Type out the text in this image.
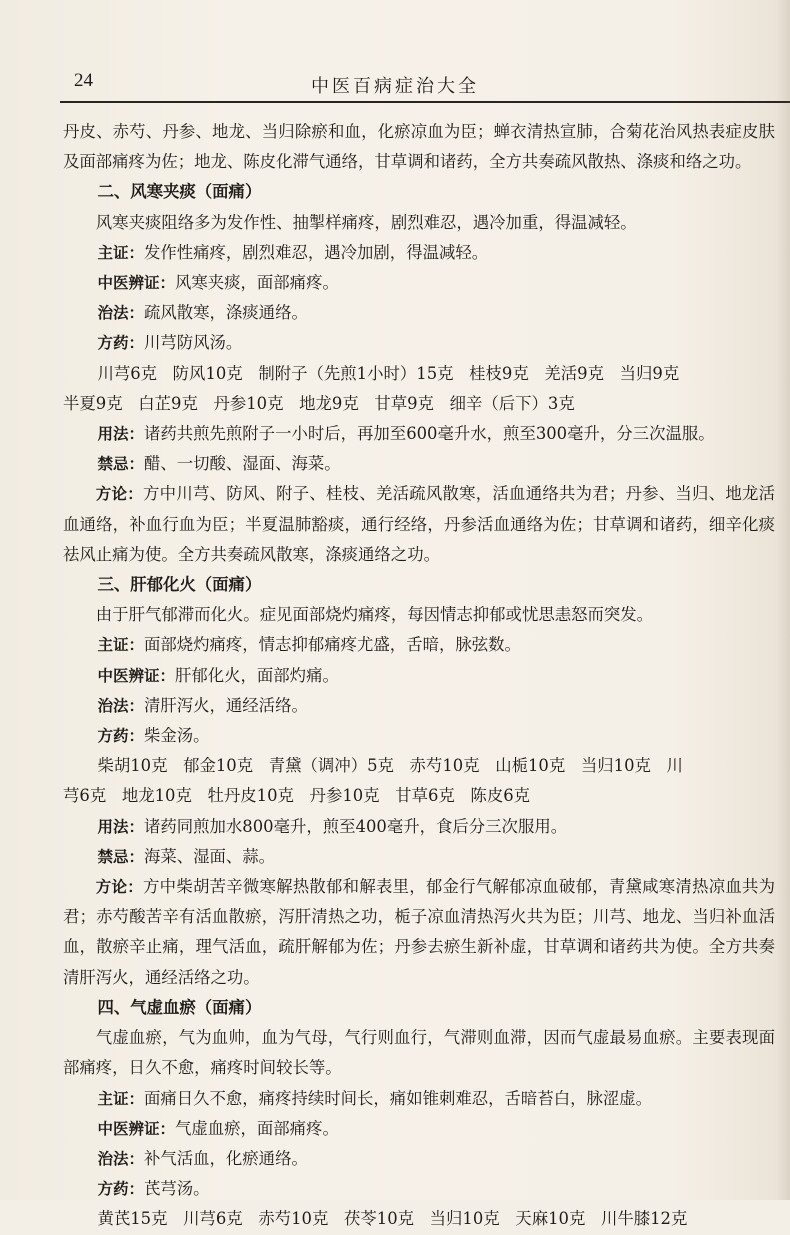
24	中医百病症治大全

丹皮、赤芍、丹参、地龙、当归除瘀和血，化瘀凉血为臣；蝉衣清热宣肺，合菊花治风热表症皮肤及面部痛疼为佐；地龙、陈皮化滞气通络，甘草调和诸药，全方共奏疏风散热、涤痰和络之功。

二、风寒夹痰（面痛）

风寒夹痰阻络多为发作性、抽掣样痛疼，剧烈难忍，遇冷加重，得温减轻。

主证：发作性痛疼，剧烈难忍，遇冷加剧，得温减轻。

中医辨证：风寒夹痰，面部痛疼。

治法：疏风散寒，涤痰通络。

方药：川芎防风汤。

川芎6克   防风10克   制附子（先煎1小时）15克   桂枝9克   羌活9克   当归9克

半夏9克   白芷9克   丹参10克   地龙9克   甘草9克   细辛（后下）3克

用法：诸药共煎先煎附子一小时后，再加至600毫升水，煎至300毫升，分三次温服。

禁忌：醋、一切酸、湿面、海菜。

方论：方中川芎、防风、附子、桂枝、羌活疏风散寒，活血通络共为君；丹参、当归、地龙活血通络，补血行血为臣；半夏温肺豁痰，通行经络，丹参活血通络为佐；甘草调和诸药，细辛化痰祛风止痛为使。全方共奏疏风散寒，涤痰通络之功。

三、肝郁化火（面痛）

由于肝气郁滞而化火。症见面部烧灼痛疼，每因情志抑郁或忧思恚怒而突发。

主证：面部烧灼痛疼，情志抑郁痛疼尤盛，舌暗，脉弦数。

中医辨证：肝郁化火，面部灼痛。

治法：清肝泻火，通经活络。

方药：柴金汤。

柴胡10克   郁金10克   青黛（调冲）5克   赤芍10克   山栀10克   当归10克   川

芎6克   地龙10克   牡丹皮10克   丹参10克   甘草6克   陈皮6克

用法：诸药同煎加水800毫升，煎至400毫升，食后分三次服用。

禁忌：海菜、湿面、蒜。

方论：方中柴胡苦辛微寒解热散郁和解表里，郁金行气解郁凉血破郁，青黛咸寒清热凉血共为君；赤芍酸苦辛有活血散瘀，泻肝清热之功，栀子凉血清热泻火共为臣；川芎、地龙、当归补血活血，散瘀辛止痛，理气活血，疏肝解郁为佐；丹参去瘀生新补虚，甘草调和诸药共为使。全方共奏清肝泻火，通经活络之功。

四、气虚血瘀（面痛）

气虚血瘀，气为血帅，血为气母，气行则血行，气滞则血滞，因而气虚最易血瘀。主要表现面部痛疼，日久不愈，痛疼时间较长等。

主证：面痛日久不愈，痛疼持续时间长，痛如锥刺难忍，舌暗苔白，脉涩虚。

中医辨证：气虚血瘀，面部痛疼。

治法：补气活血，化瘀通络。

方药：芪芎汤。

黄芪15克   川芎6克   赤芍10克   茯苓10克   当归10克   天麻10克   川牛膝12克
